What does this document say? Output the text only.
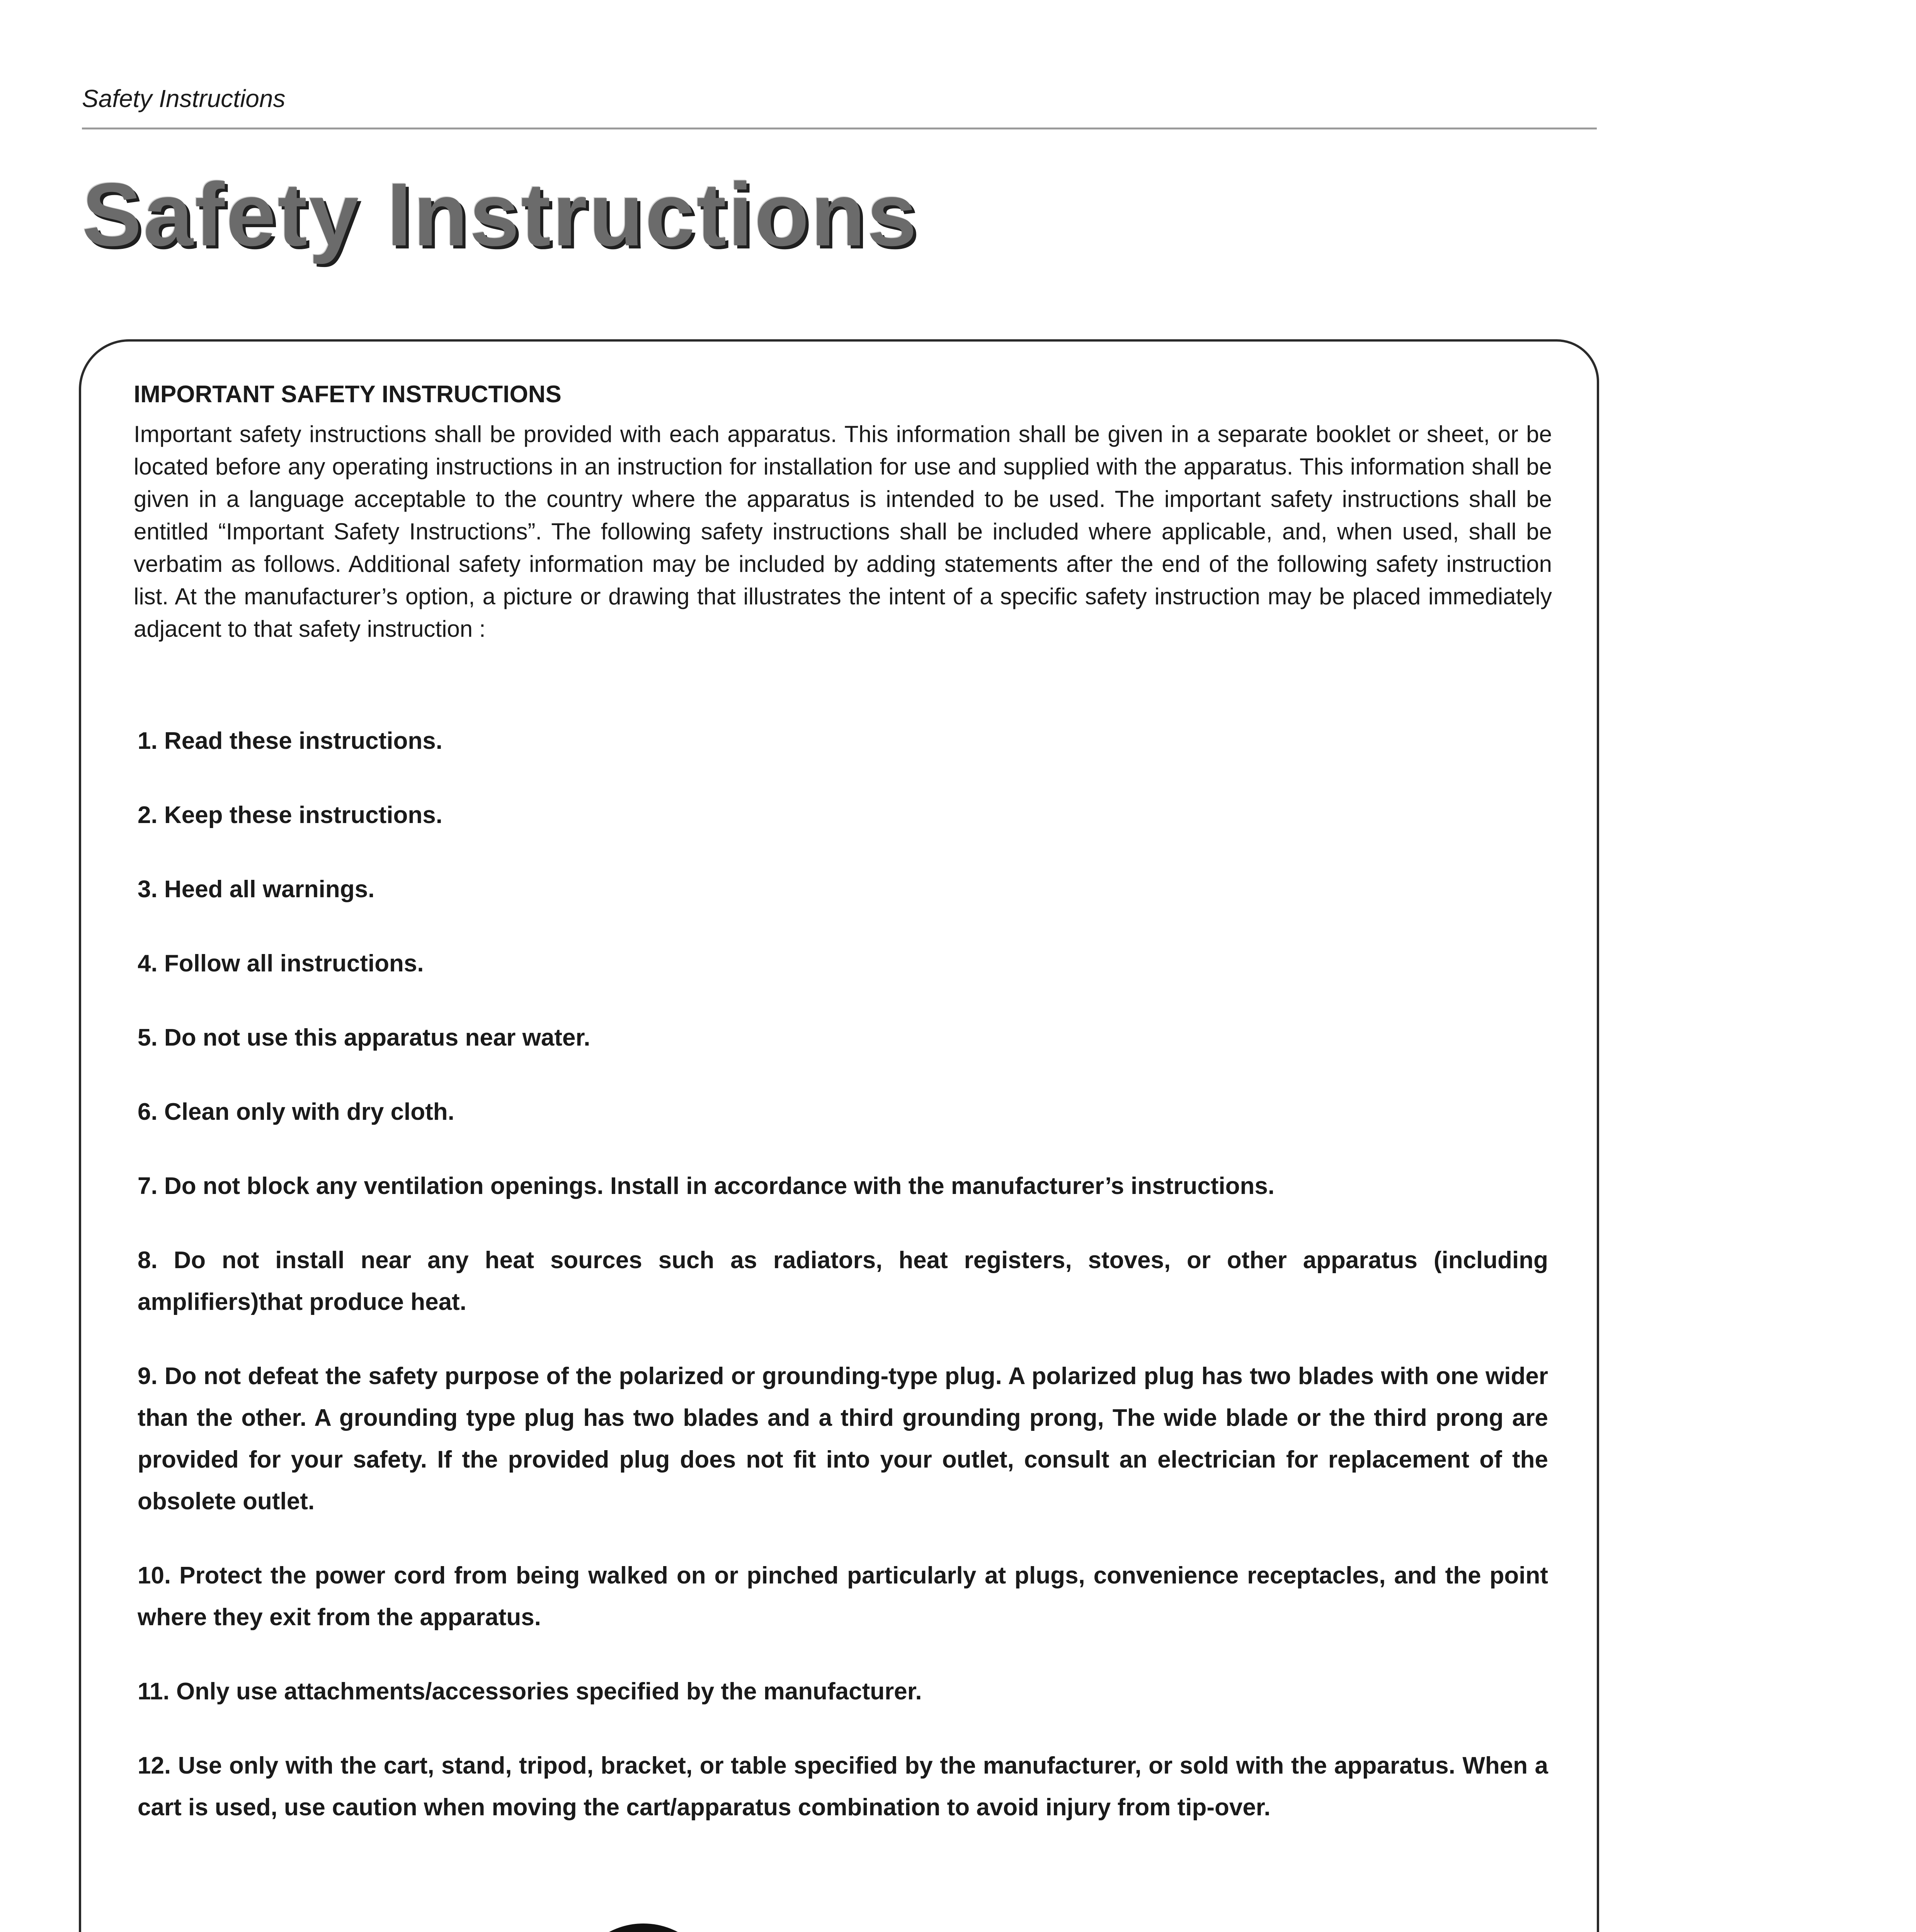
Safety Instructions
Safety Instructions
IMPORTANT SAFETY INSTRUCTIONS

Important safety instructions shall be provided with each apparatus. This information shall be given in a separate booklet or sheet, or be located before any operating instructions in an instruction for installation for use and supplied with the apparatus. This information shall be given in a language acceptable to the country where the apparatus is intended to be used. The important safety instructions shall be entitled “Important Safety Instructions”. The following safety instructions shall be included where applicable, and, when used, shall be verbatim as follows. Additional safety information may be included by adding statements after the end of the following safety instruction list. At the manufacturer’s option, a picture or drawing that illustrates the intent of a specific safety instruction may be placed immediately adjacent to that safety instruction :

1. Read these instructions.
2. Keep these instructions.
3. Heed all warnings.
4. Follow all instructions.
5. Do not use this apparatus near water.
6. Clean only with dry cloth.
7. Do not block any ventilation openings. Install in accordance with the manufacturer’s instructions.
8. Do not install near any heat sources such as radiators, heat registers, stoves, or other apparatus (including amplifiers)that produce heat.
9. Do not defeat the safety purpose of the polarized or grounding-type plug. A polarized plug has two blades with one wider than the other. A grounding type plug has two blades and a third grounding prong, The wide blade or the third prong are provided for your safety. If the provided plug does not fit into your outlet, consult an electrician for replacement of the obsolete outlet.
10. Protect the power cord from being walked on or pinched particularly at plugs, convenience receptacles, and the point where they exit from the apparatus.
11. Only use attachments/accessories specified by the manufacturer.
12. Use only with the cart, stand, tripod, bracket, or table specified by the manufacturer, or sold with the apparatus. When a cart is used, use caution when moving the cart/apparatus combination to avoid injury from tip-over.
